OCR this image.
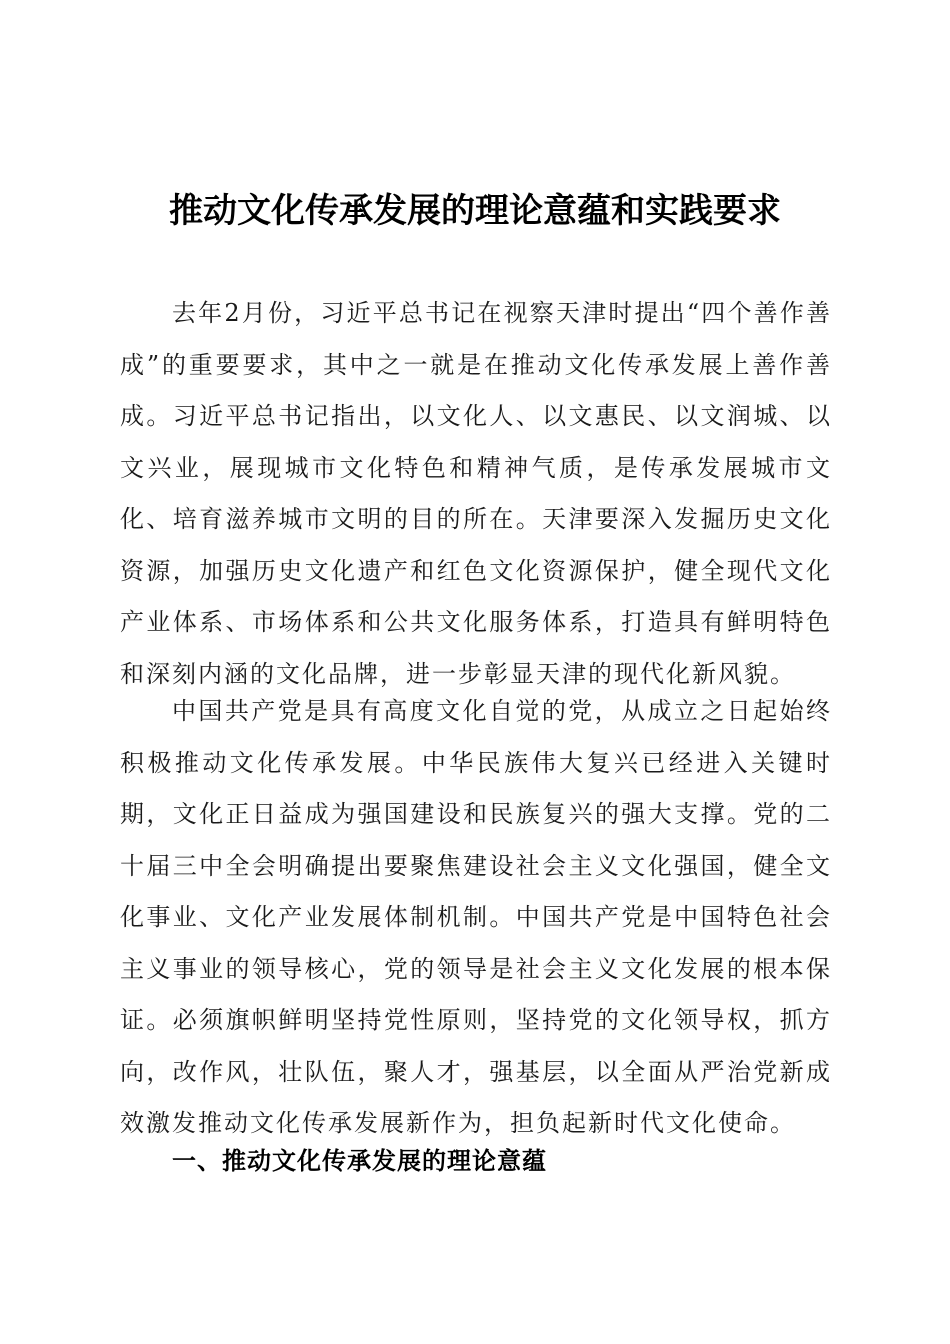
推动文化传承发展的理论意蕴和实践要求

去年2月份，习近平总书记在视察天津时提出“四个善作善成”的重要要求，其中之一就是在推动文化传承发展上善作善成。习近平总书记指出，以文化人、以文惠民、以文润城、以文兴业，展现城市文化特色和精神气质，是传承发展城市文化、培育滋养城市文明的目的所在。天津要深入发掘历史文化资源，加强历史文化遗产和红色文化资源保护，健全现代文化产业体系、市场体系和公共文化服务体系，打造具有鲜明特色和深刻内涵的文化品牌，进一步彰显天津的现代化新风貌。

中国共产党是具有高度文化自觉的党，从成立之日起始终积极推动文化传承发展。中华民族伟大复兴已经进入关键时期，文化正日益成为强国建设和民族复兴的强大支撑。党的二十届三中全会明确提出要聚焦建设社会主义文化强国，健全文化事业、文化产业发展体制机制。中国共产党是中国特色社会主义事业的领导核心，党的领导是社会主义文化发展的根本保证。必须旗帜鲜明坚持党性原则，坚持党的文化领导权，抓方向，改作风，壮队伍，聚人才，强基层，以全面从严治党新成效激发推动文化传承发展新作为，担负起新时代文化使命。

一、推动文化传承发展的理论意蕴
